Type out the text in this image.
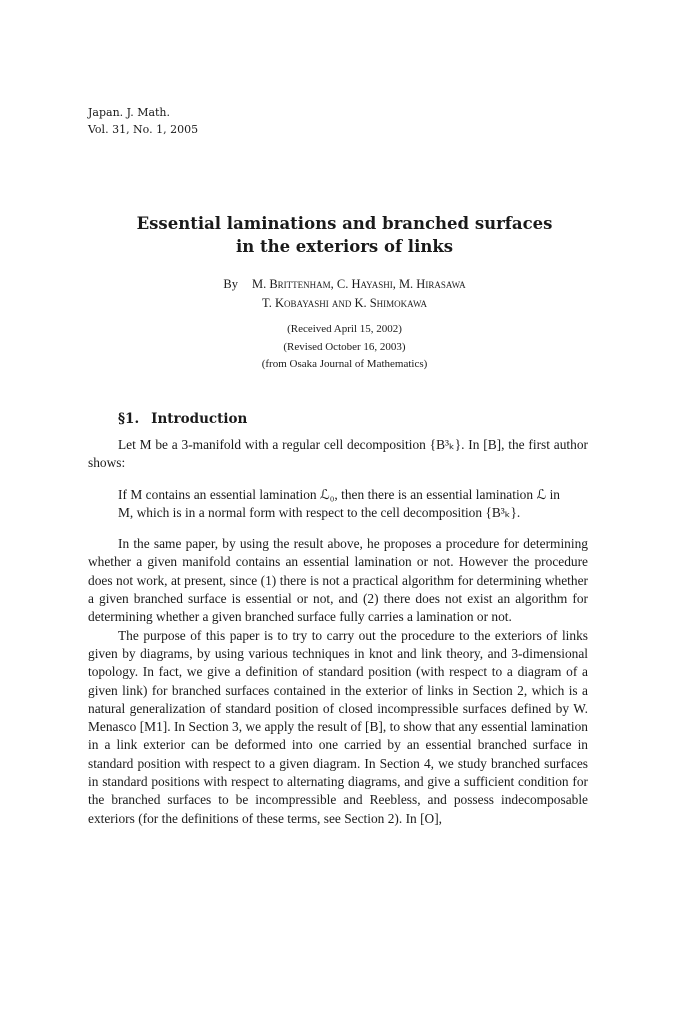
Japan. J. Math.
Vol. 31, No. 1, 2005
Essential laminations and branched surfaces
in the exteriors of links
By M. Brittenham, C. Hayashi, M. Hirasawa
T. Kobayashi and K. Shimokawa
(Received April 15, 2002)
(Revised October 16, 2003)
(from Osaka Journal of Mathematics)
§1. Introduction

Let M be a 3-manifold with a regular cell decomposition {B³ₖ}. In [B], the first author shows:

If M contains an essential lamination ℒ₀, then there is an essential lamination ℒ in M, which is in a normal form with respect to the cell decomposition {B³ₖ}.

In the same paper, by using the result above, he proposes a procedure for determining whether a given manifold contains an essential lamination or not. However the procedure does not work, at present, since (1) there is not a practical algorithm for determining whether a given branched surface is essential or not, and (2) there does not exist an algorithm for determining whether a given branched surface fully carries a lamination or not.

The purpose of this paper is to try to carry out the procedure to the exteriors of links given by diagrams, by using various techniques in knot and link theory, and 3-dimensional topology. In fact, we give a definition of standard position (with respect to a diagram of a given link) for branched surfaces contained in the exterior of links in Section 2, which is a natural generalization of standard position of closed incompressible surfaces defined by W. Menasco [M1]. In Section 3, we apply the result of [B], to show that any essential lamination in a link exterior can be deformed into one carried by an essential branched surface in standard position with respect to a given diagram. In Section 4, we study branched surfaces in standard positions with respect to alternating diagrams, and give a sufficient condition for the branched surfaces to be incompressible and Reebless, and possess indecomposable exteriors (for the definitions of these terms, see Section 2). In [O],
